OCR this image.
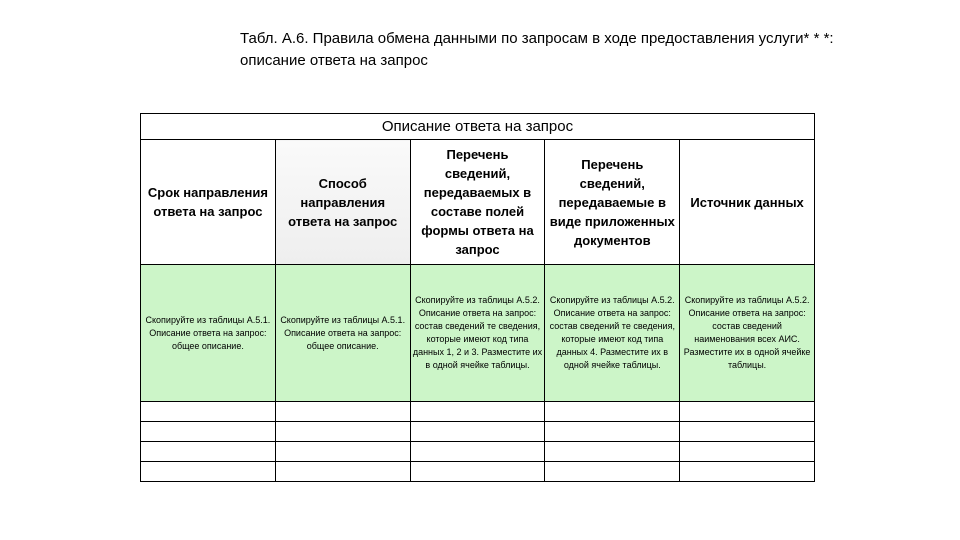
Табл. А.6. Правила обмена данными по запросам в ходе предоставления услуги* * *: описание ответа на запрос
Описание ответа на запрос				
Срок направления ответа на запрос	Способ направления ответа на запрос	Перечень сведений, передаваемых в составе полей формы ответа на запрос	Перечень сведений, передаваемые в виде приложенных документов	Источник данных
Скопируйте из таблицы А.5.1. Описание ответа на запрос: общее описание.	Скопируйте из таблицы А.5.1. Описание ответа на запрос: общее описание.	Скопируйте из таблицы А.5.2. Описание ответа на запрос: состав сведений те сведения, которые имеют код типа данных 1, 2 и 3. Разместите их в одной ячейке таблицы.	Скопируйте из таблицы А.5.2. Описание ответа на запрос: состав сведений те сведения, которые имеют код типа данных 4. Разместите их в одной ячейке таблицы.	Скопируйте из таблицы А.5.2. Описание ответа на запрос: состав сведений наименования всех АИС. Разместите их в одной ячейке таблицы.
